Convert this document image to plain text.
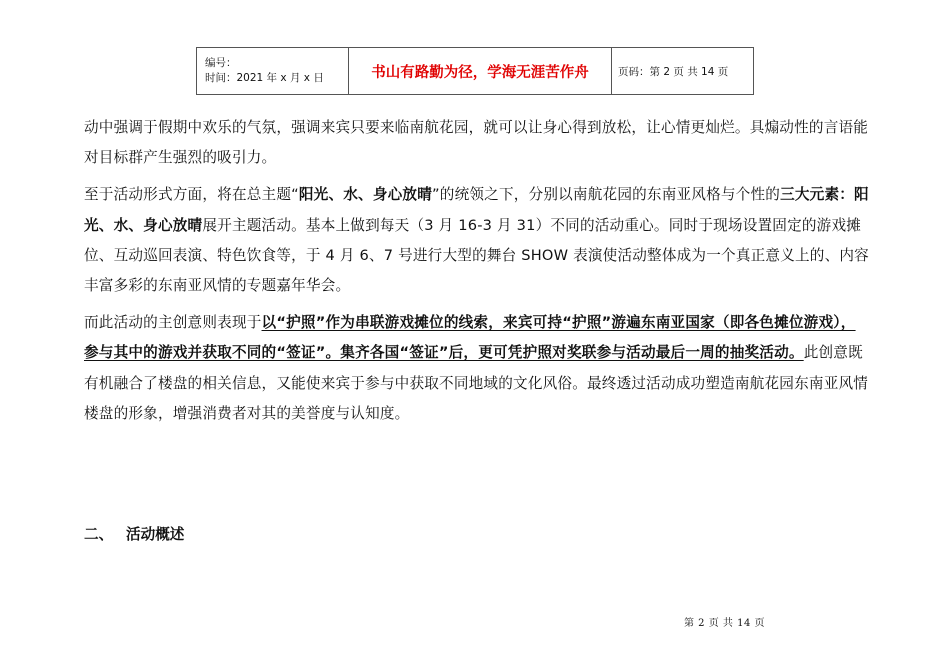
编号：
时间：2021 年 x 月 x 日	书山有路勤为径，学海无涯苦作舟	页码：第 2 页 共 14 页

动中强调于假期中欢乐的气氛，强调来宾只要来临南航花园，就可以让身心得到放松，让心情更灿烂。具煽动性的言语能对目标群产生强烈的吸引力。

至于活动形式方面，将在总主题“阳光、水、身心放晴”的统领之下，分别以南航花园的东南亚风格与个性的三大元素：阳光、水、身心放晴展开主题活动。基本上做到每天（3 月 16-3 月 31）不同的活动重心。同时于现场设置固定的游戏摊位、互动巡回表演、特色饮食等，于 4 月 6、7 号进行大型的舞台 SHOW 表演使活动整体成为一个真正意义上的、内容丰富多彩的东南亚风情的专题嘉年华会。

而此活动的主创意则表现于以“护照”作为串联游戏摊位的线索，来宾可持“护照”游遍东南亚国家（即各色摊位游戏），参与其中的游戏并获取不同的“签证”。集齐各国“签证”后，更可凭护照对奖联参与活动最后一周的抽奖活动。此创意既有机融合了楼盘的相关信息，又能使来宾于参与中获取不同地域的文化风俗。最终透过活动成功塑造南航花园东南亚风情楼盘的形象，增强消费者对其的美誉度与认知度。

二、 活动概述
第 2 页 共 14 页
